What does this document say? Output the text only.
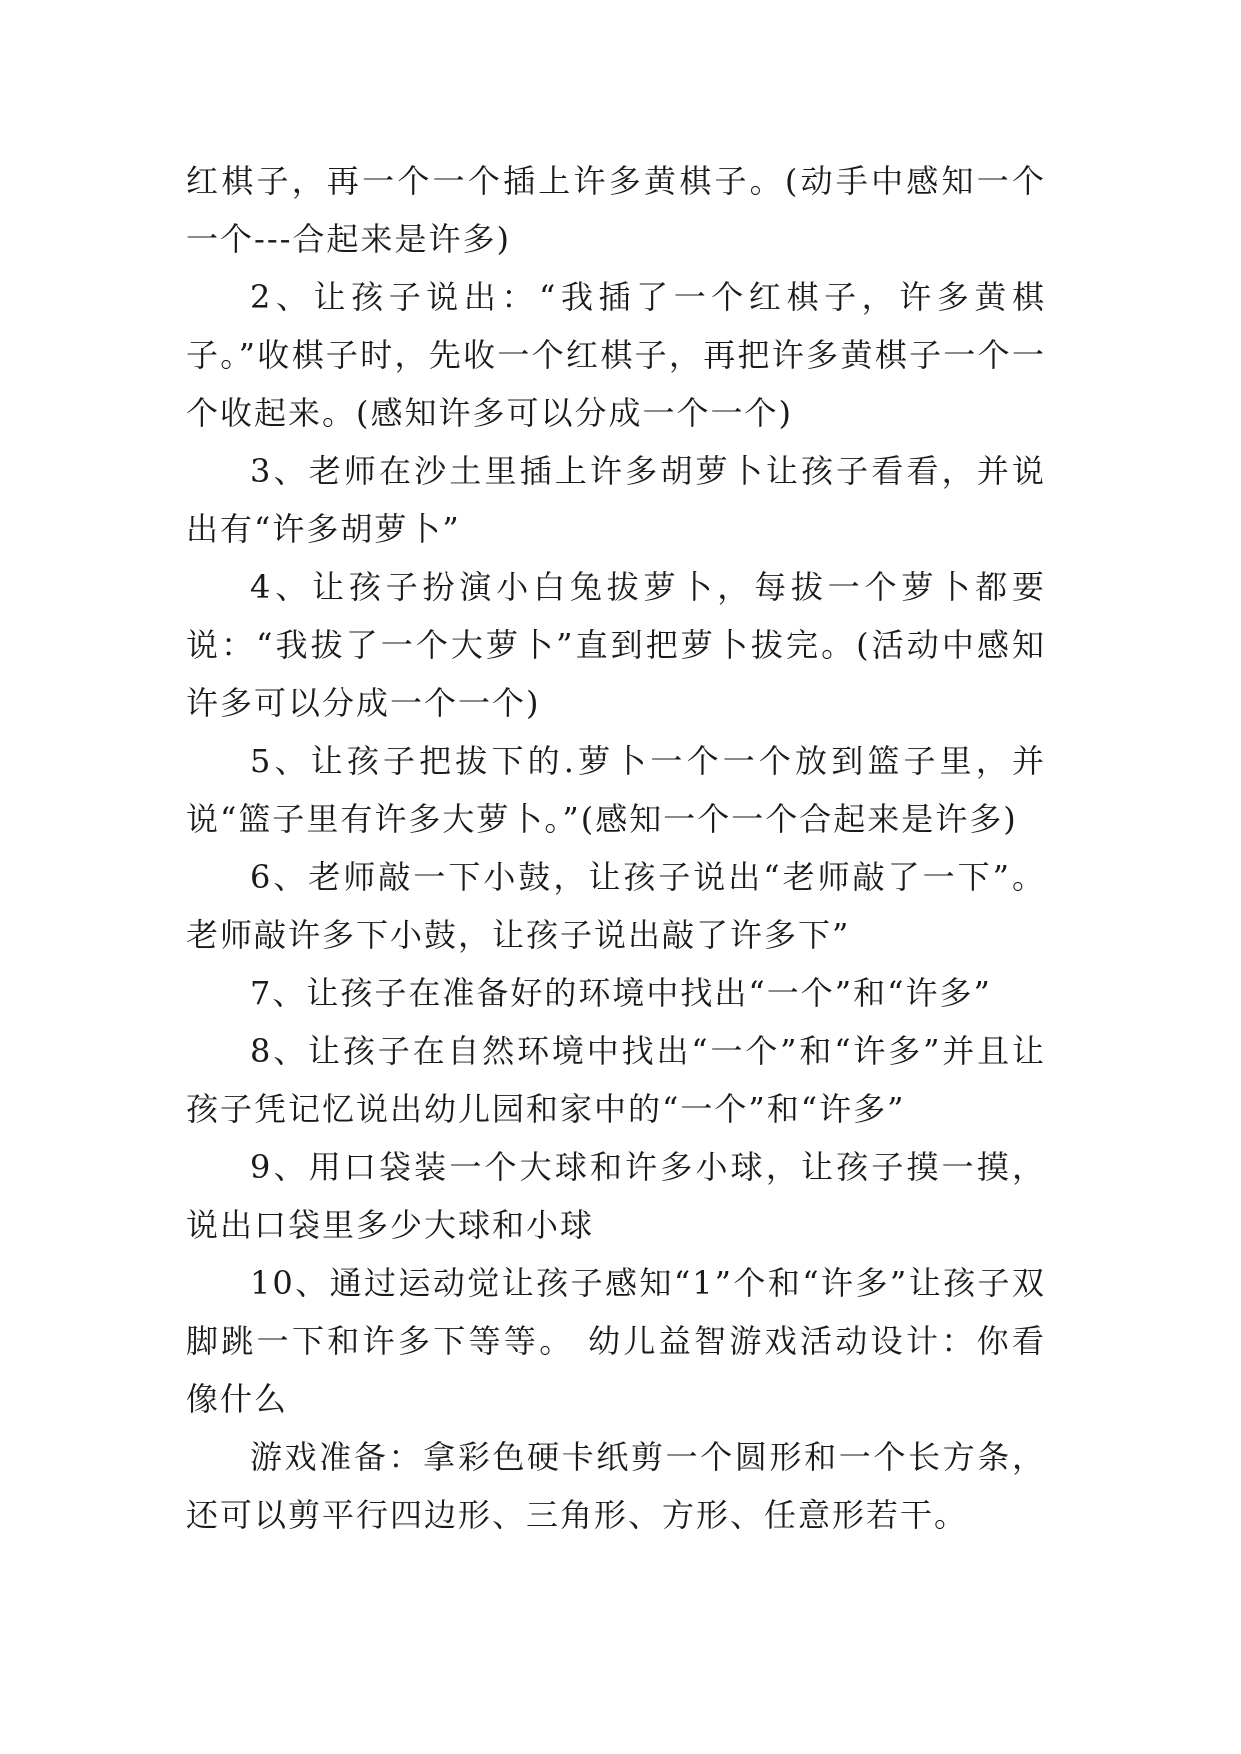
红棋子，再一个一个插上许多黄棋子。(动手中感知一个一个---合起来是许多)

2、让孩子说出：“我插了一个红棋子，许多黄棋子。”收棋子时，先收一个红棋子，再把许多黄棋子一个一个收起来。(感知许多可以分成一个一个)

3、老师在沙土里插上许多胡萝卜让孩子看看，并说出有“许多胡萝卜”

4、让孩子扮演小白兔拔萝卜，每拔一个萝卜都要说：“我拔了一个大萝卜”直到把萝卜拔完。(活动中感知许多可以分成一个一个)

5、让孩子把拔下的.萝卜一个一个放到篮子里，并说“篮子里有许多大萝卜。”(感知一个一个合起来是许多)

6、老师敲一下小鼓，让孩子说出“老师敲了一下”。老师敲许多下小鼓，让孩子说出敲了许多下”

7、让孩子在准备好的环境中找出“一个”和“许多”

8、让孩子在自然环境中找出“一个”和“许多”并且让孩子凭记忆说出幼儿园和家中的“一个”和“许多”

9、用口袋装一个大球和许多小球，让孩子摸一摸，说出口袋里多少大球和小球

10、通过运动觉让孩子感知“1”个和“许多”让孩子双脚跳一下和许多下等等。 幼儿益智游戏活动设计：你看像什么

游戏准备：拿彩色硬卡纸剪一个圆形和一个长方条，还可以剪平行四边形、三角形、方形、任意形若干。
